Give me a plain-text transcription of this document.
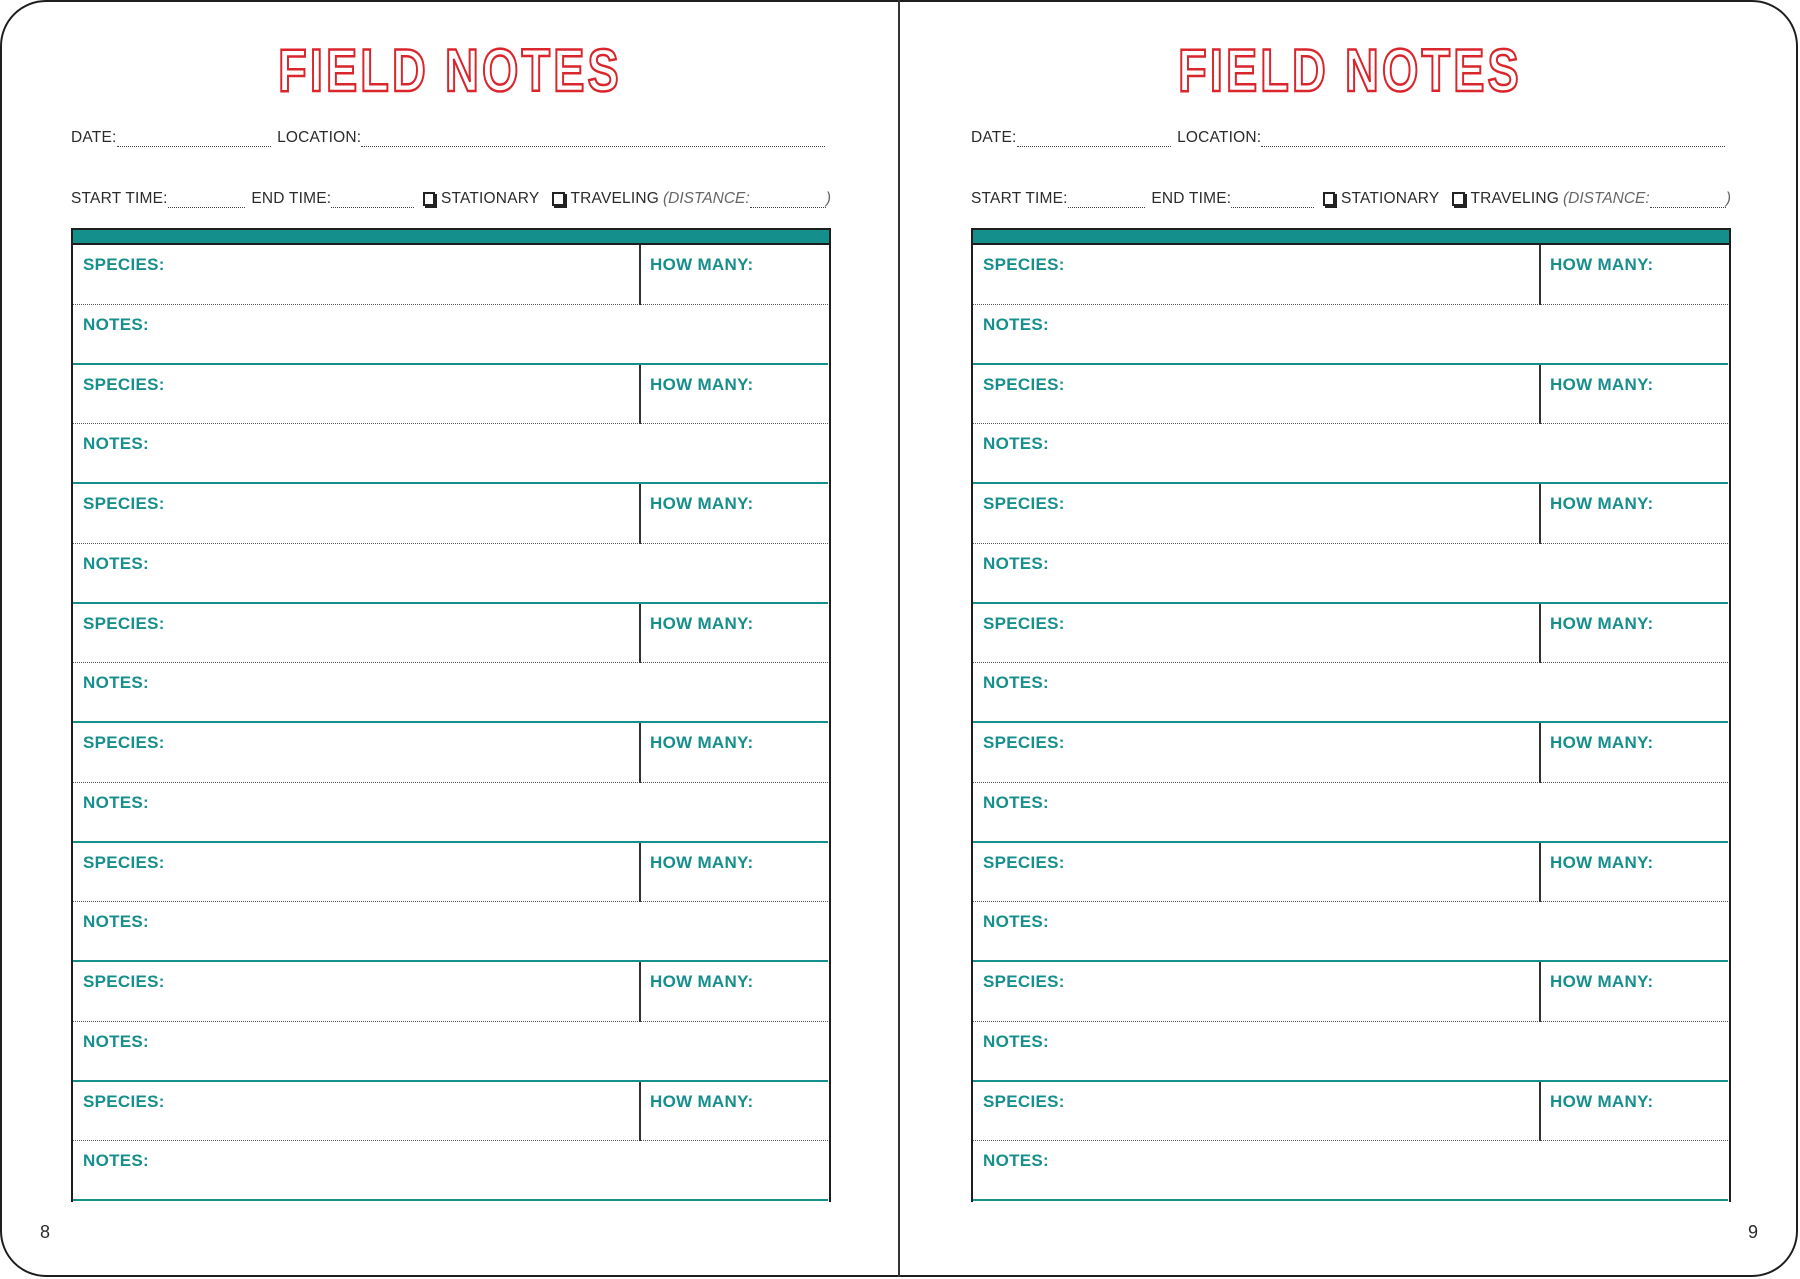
FIELD NOTES
DATE:	LOCATION:
START TIME:	END TIME:	STATIONARY TRAVELING (DISTANCE:	)
SPECIES:	HOW MANY:
NOTES:
SPECIES:	HOW MANY:
NOTES:
SPECIES:	HOW MANY:
NOTES:
SPECIES:	HOW MANY:
NOTES:
SPECIES:	HOW MANY:
NOTES:
SPECIES:	HOW MANY:
NOTES:
SPECIES:	HOW MANY:
NOTES:
SPECIES:	HOW MANY:
NOTES:
8
FIELD NOTES
DATE:	LOCATION:
START TIME:	END TIME:	STATIONARY TRAVELING (DISTANCE:	)
SPECIES:	HOW MANY:
NOTES:
SPECIES:	HOW MANY:
NOTES:
SPECIES:	HOW MANY:
NOTES:
SPECIES:	HOW MANY:
NOTES:
SPECIES:	HOW MANY:
NOTES:
SPECIES:	HOW MANY:
NOTES:
SPECIES:	HOW MANY:
NOTES:
SPECIES:	HOW MANY:
NOTES:
9
